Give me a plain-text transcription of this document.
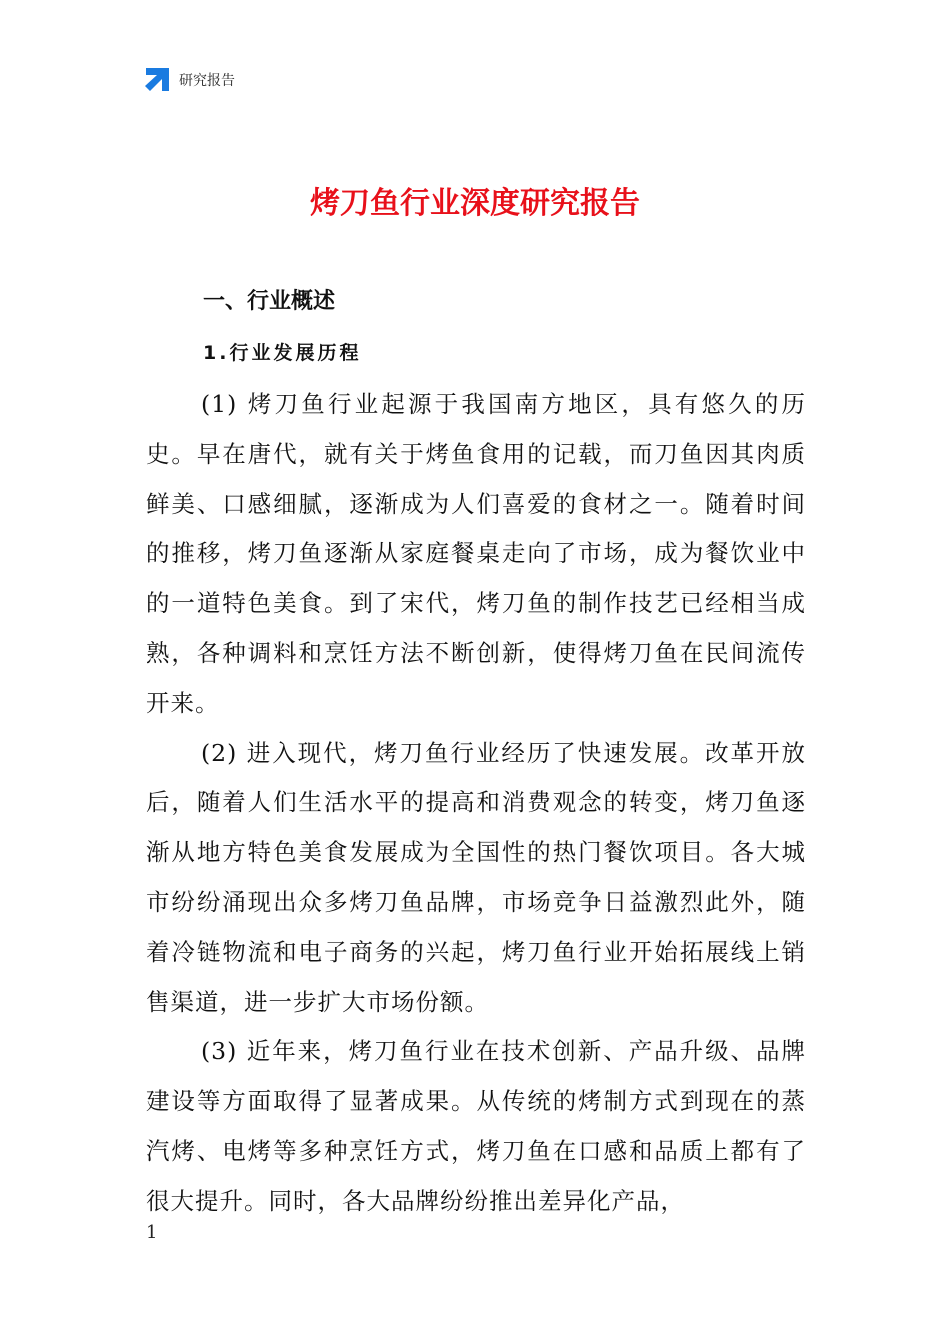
研究报告
烤刀鱼行业深度研究报告
一、行业概述
1.行业发展历程

(1) 烤刀鱼行业起源于我国南方地区，具有悠久的历史。早在唐代，就有关于烤鱼食用的记载，而刀鱼因其肉质鲜美、口感细腻，逐渐成为人们喜爱的食材之一。随着时间的推移，烤刀鱼逐渐从家庭餐桌走向了市场，成为餐饮业中的一道特色美食。到了宋代，烤刀鱼的制作技艺已经相当成熟，各种调料和烹饪方法不断创新，使得烤刀鱼在民间流传开来。

(2) 进入现代，烤刀鱼行业经历了快速发展。改革开放后，随着人们生活水平的提高和消费观念的转变，烤刀鱼逐渐从地方特色美食发展成为全国性的热门餐饮项目。各大城市纷纷涌现出众多烤刀鱼品牌，市场竞争日益激烈此外，随着冷链物流和电子商务的兴起，烤刀鱼行业开始拓展线上销售渠道，进一步扩大市场份额。

(3) 近年来，烤刀鱼行业在技术创新、产品升级、品牌建设等方面取得了显著成果。从传统的烤制方式到现在的蒸汽烤、电烤等多种烹饪方式，烤刀鱼在口感和品质上都有了很大提升。同时，各大品牌纷纷推出差异化产品，

1
